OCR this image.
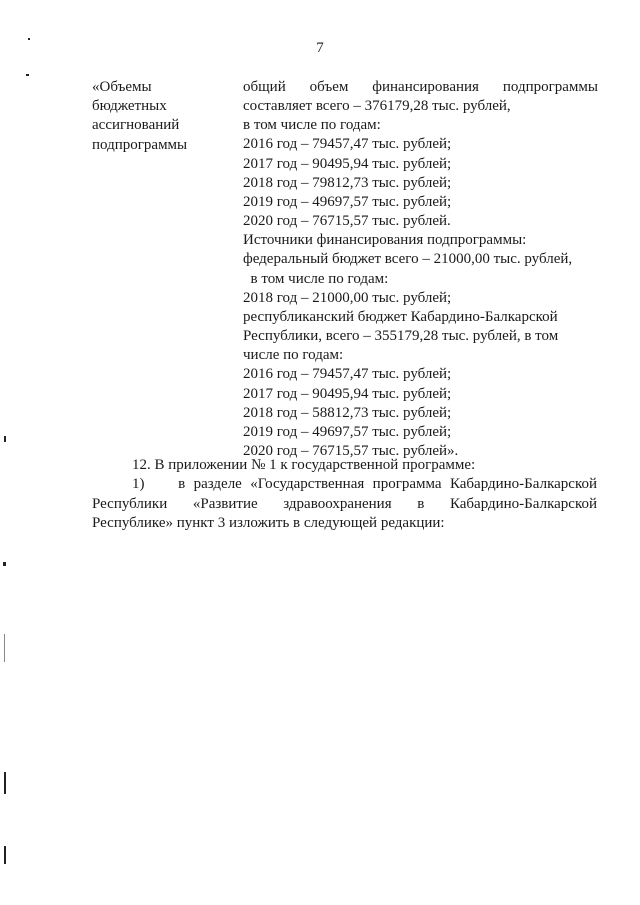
7
«Объемы
бюджетных
ассигнований
подпрограммы
общий объем финансирования подпрограммы
составляет всего – 376179,28 тыс. рублей,
в том числе по годам:
2016 год – 79457,47 тыс. рублей;
2017 год – 90495,94 тыс. рублей;
2018 год – 79812,73 тыс. рублей;
2019 год – 49697,57 тыс. рублей;
2020 год – 76715,57 тыс. рублей.
Источники финансирования подпрограммы:
федеральный бюджет всего – 21000,00 тыс. рублей,
в том числе по годам:
2018 год – 21000,00 тыс. рублей;
республиканский бюджет Кабардино-Балкарской
Республики, всего – 355179,28 тыс. рублей, в том
числе по годам:
2016 год – 79457,47 тыс. рублей;
2017 год – 90495,94 тыс. рублей;
2018 год – 58812,73 тыс. рублей;
2019 год – 49697,57 тыс. рублей;
2020 год – 76715,57 тыс. рублей».
12. В приложении № 1 к государственной программе:
1)    в разделе «Государственная программа Кабардино-Балкарской
Республики    «Развитие    здравоохранения    в    Кабардино-Балкарской
Республике» пункт 3 изложить в следующей редакции:
